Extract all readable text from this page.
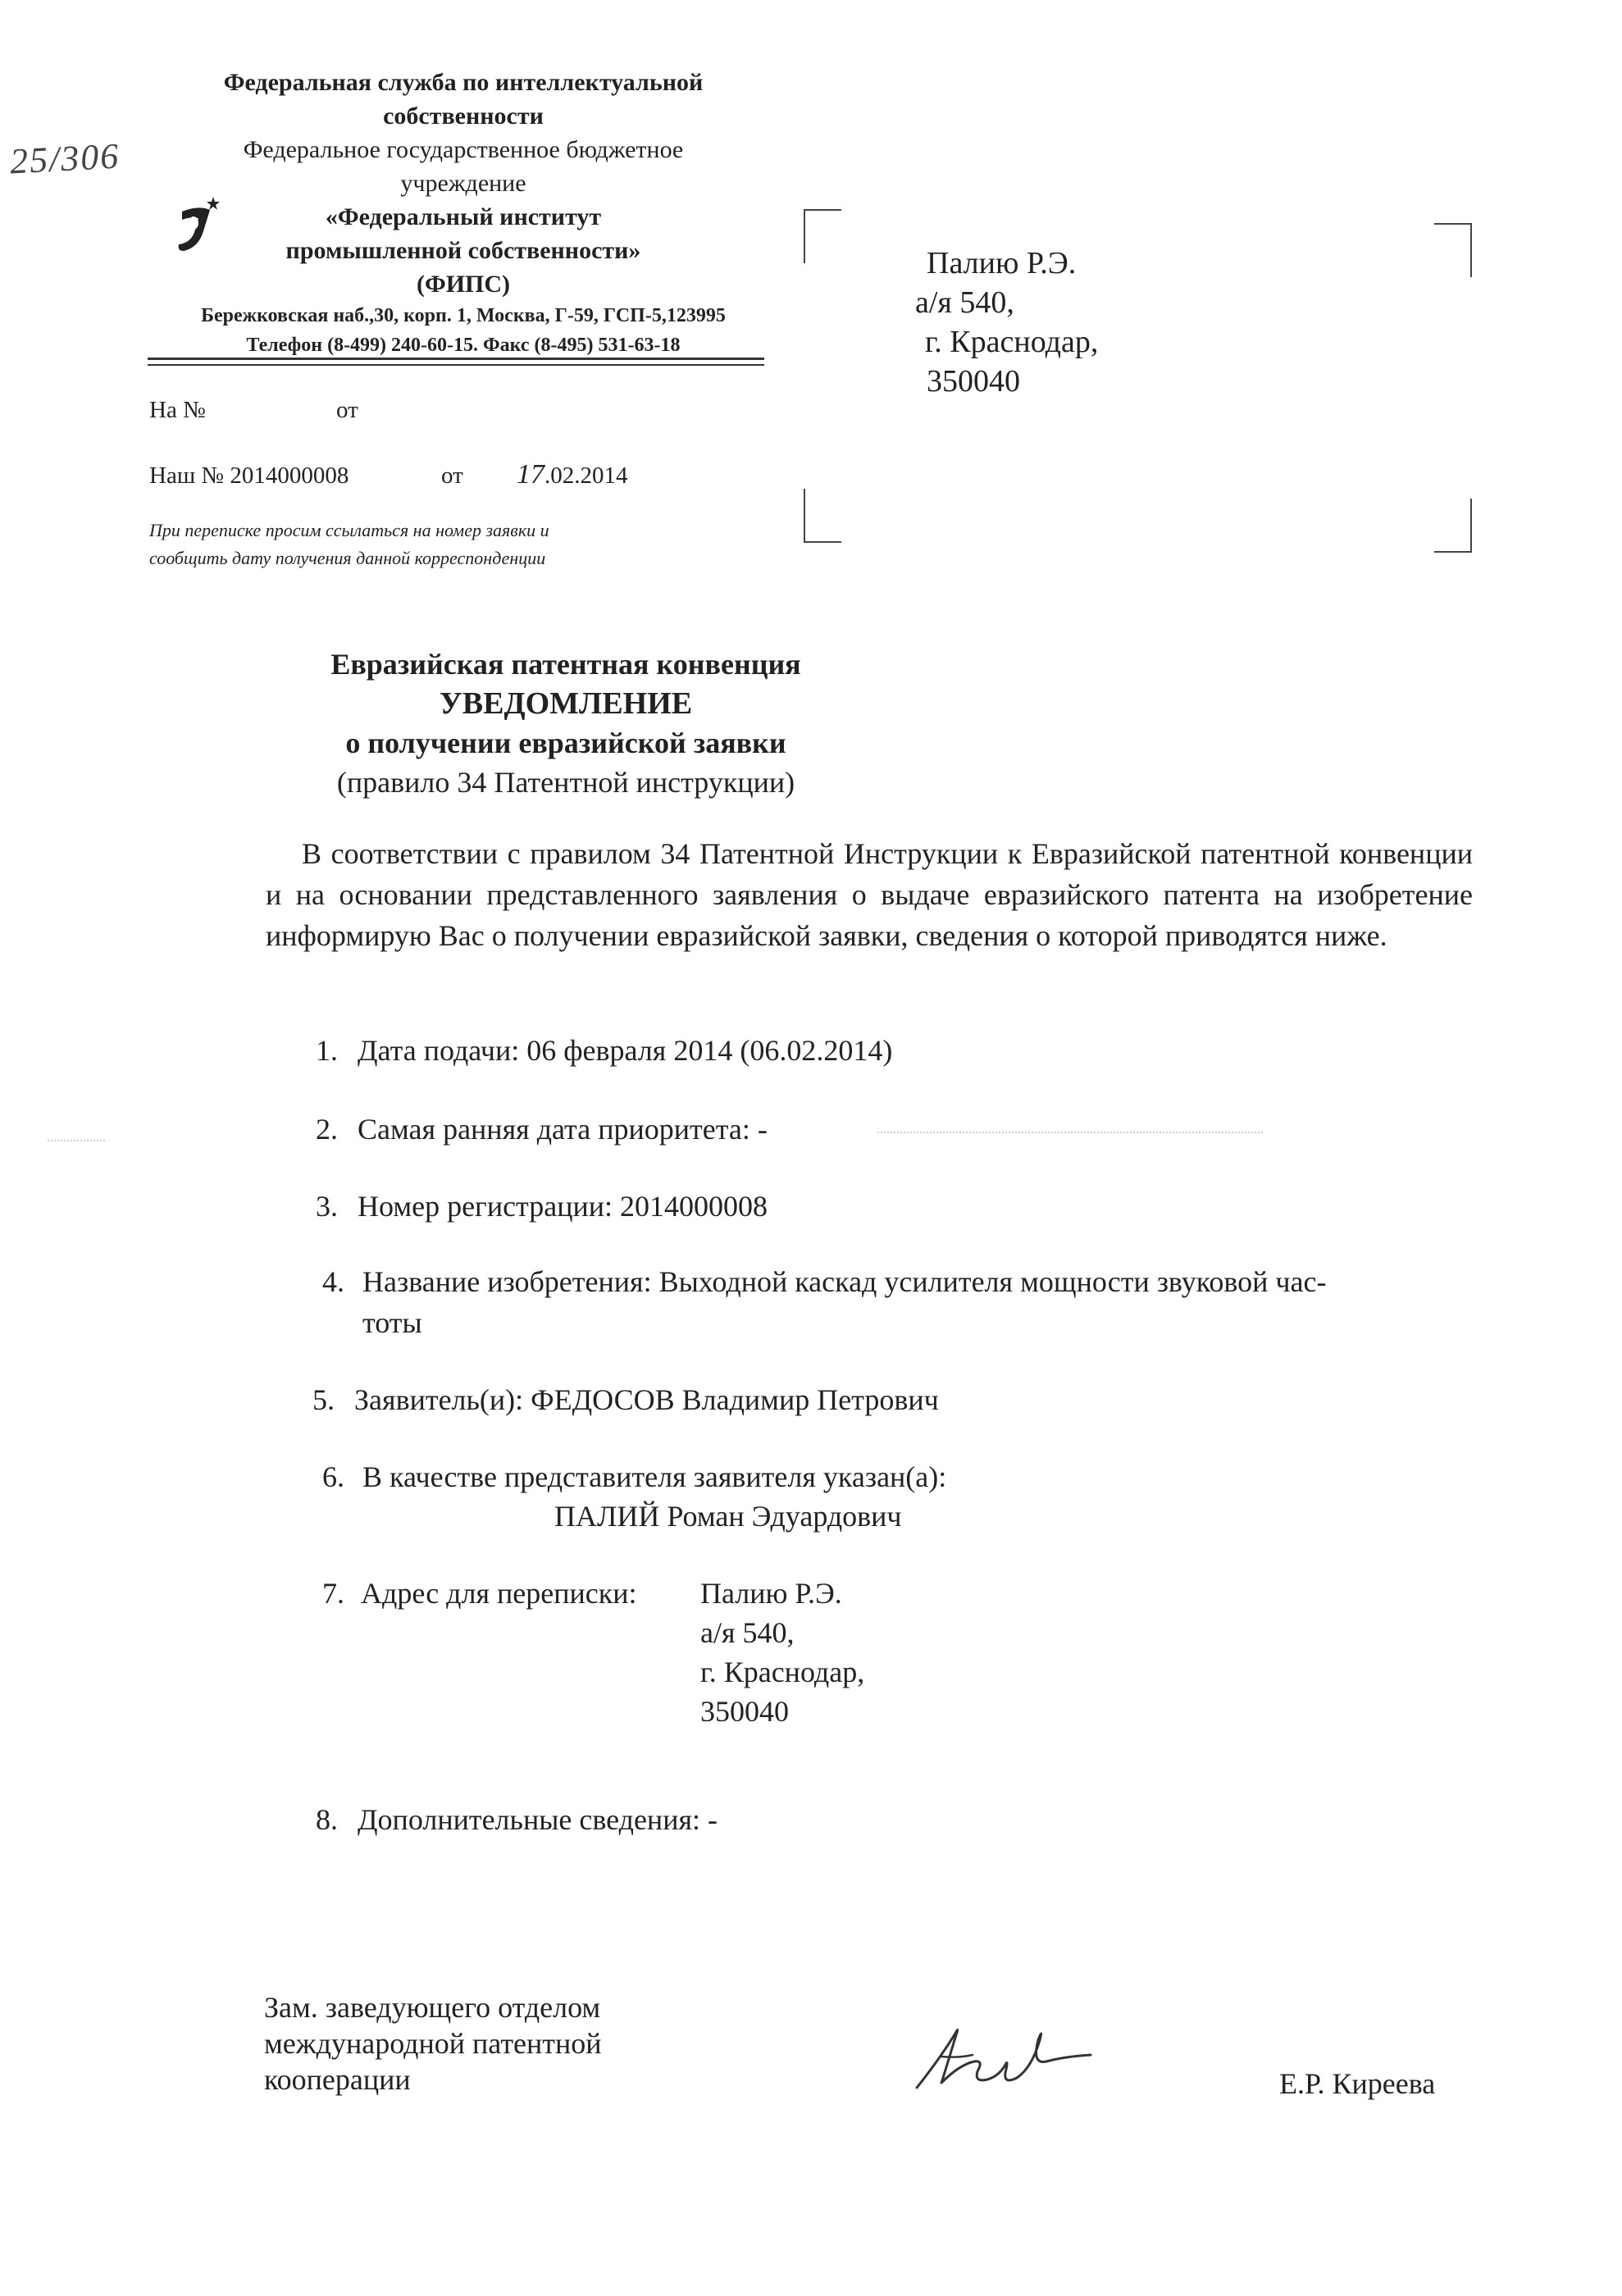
25/306
Федеральная служба по интеллектуальной
собственности
Федеральное государственное бюджетное
учреждение
«Федеральный институт
промышленной собственности»
(ФИПС)
Бережковская наб.,30, корп. 1, Москва, Г-59, ГСП-5,123995
Телефон (8-499) 240-60-15. Факс (8-495) 531-63-18
На №	от
Наш № 2014000008	от 17.02.2014
При переписке просим ссылаться на номер заявки и
сообщить дату получения данной корреспонденции
Палию Р.Э.
а/я 540,
г. Краснодар,
350040
Евразийская патентная конвенция
УВЕДОМЛЕНИЕ
о получении евразийской заявки
(правило 34 Патентной инструкции)
В соответствии с правилом 34 Патентной Инструкции к Евразийской патентной конвенции и на основании представленного заявления о выдаче евразийского патента на изобретение информирую Вас о получении евразийской заявки, сведения о которой приводятся ниже.
1. Дата подачи: 06 февраля 2014 (06.02.2014)
2. Самая ранняя дата приоритета: -
3. Номер регистрации: 2014000008
4. Название изобретения: Выходной каскад усилителя мощности звуковой час-
тоты
5. Заявитель(и): ФЕДОСОВ Владимир Петрович
6. В качестве представителя заявителя указан(а):
ПАЛИЙ Роман Эдуардович
7. Адрес для переписки: Палию Р.Э.
а/я 540,
г. Краснодар,
350040
8. Дополнительные сведения: -
Зам. заведующего отделом
международной патентной
кооперации	Е.Р. Киреева
